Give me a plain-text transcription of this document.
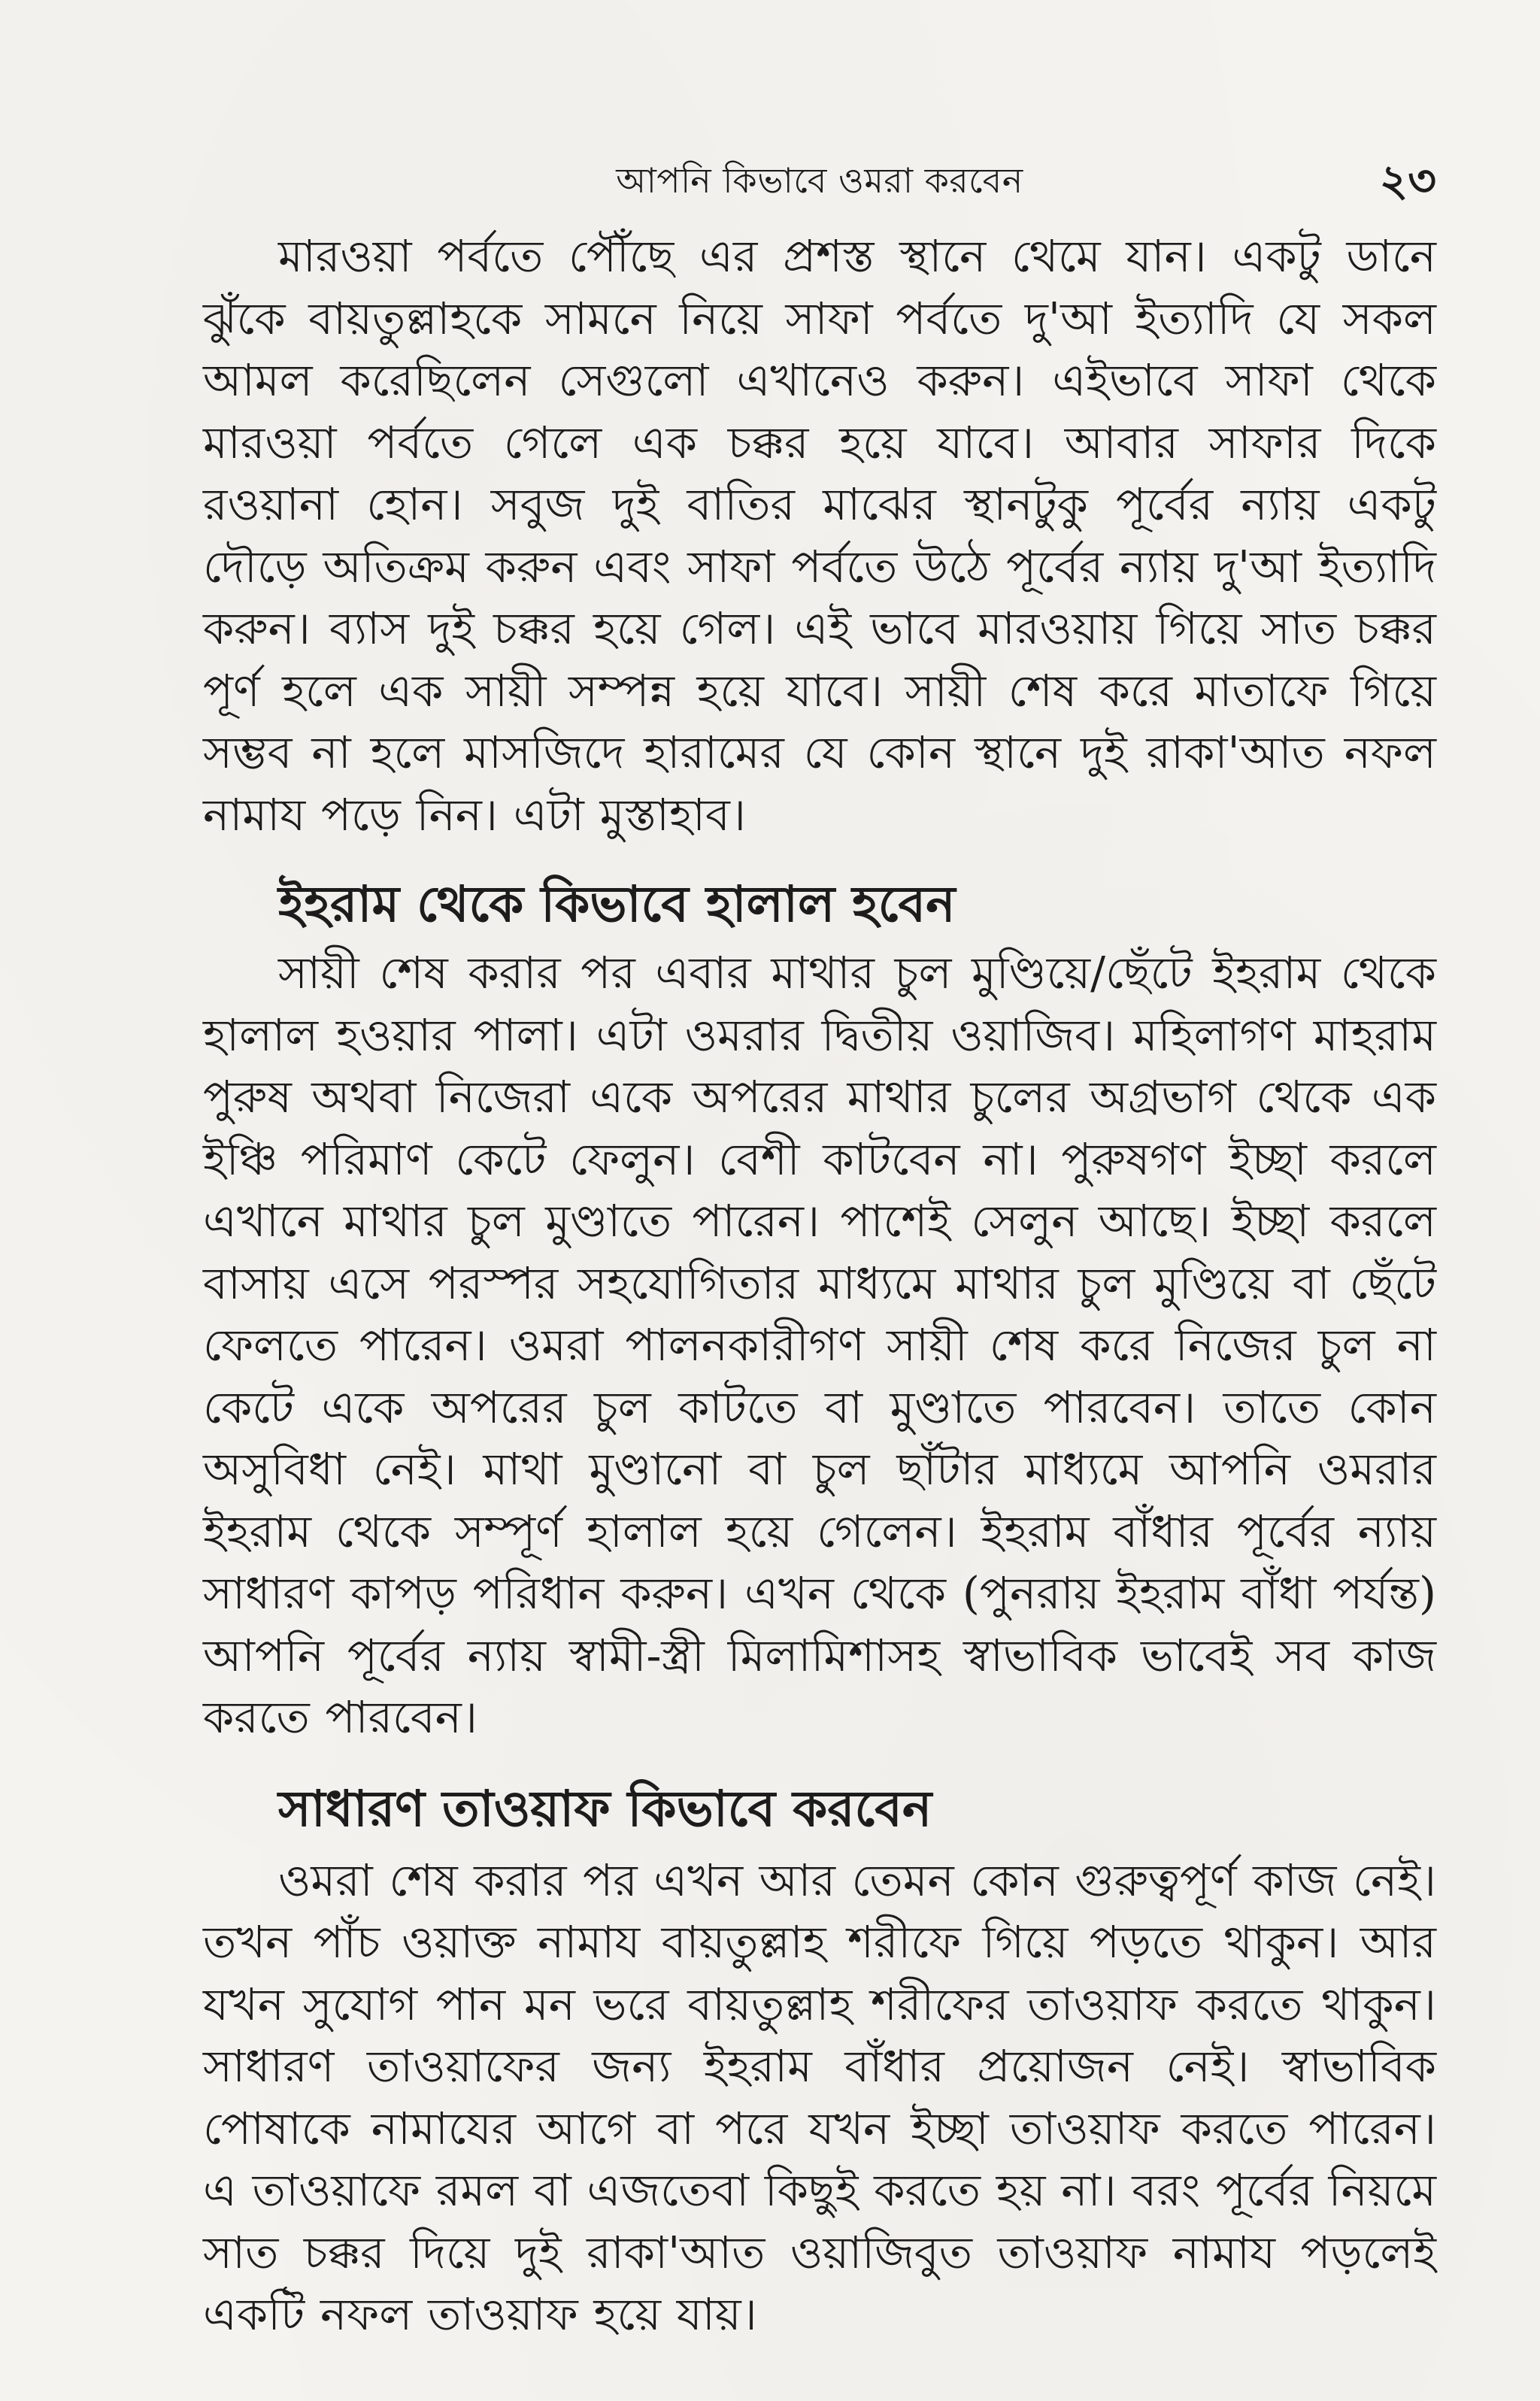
আপনি কিভাবে ওমরা করবেন	২৩

মারওয়া পর্বতে পৌঁছে এর প্রশস্ত স্থানে থেমে যান। একটু ডানে ঝুঁকে বায়তুল্লাহকে সামনে নিয়ে সাফা পর্বতে দু'আ ইত্যাদি যে সকল আমল করেছিলেন সেগুলো এখানেও করুন। এইভাবে সাফা থেকে মারওয়া পর্বতে গেলে এক চক্কর হয়ে যাবে। আবার সাফার দিকে রওয়ানা হোন। সবুজ দুই বাতির মাঝের স্থানটুকু পূর্বের ন্যায় একটু দৌড়ে অতিক্রম করুন এবং সাফা পর্বতে উঠে পূর্বের ন্যায় দু'আ ইত্যাদি করুন। ব্যাস দুই চক্কর হয়ে গেল। এই ভাবে মারওয়ায় গিয়ে সাত চক্কর পূর্ণ হলে এক সায়ী সম্পন্ন হয়ে যাবে। সায়ী শেষ করে মাতাফে গিয়ে সম্ভব না হলে মাসজিদে হারামের যে কোন স্থানে দুই রাকা'আত নফল নামায পড়ে নিন। এটা মুস্তাহাব।

ইহরাম থেকে কিভাবে হালাল হবেন

সায়ী শেষ করার পর এবার মাথার চুল মুণ্ডিয়ে/ছেঁটে ইহরাম থেকে হালাল হওয়ার পালা। এটা ওমরার দ্বিতীয় ওয়াজিব। মহিলাগণ মাহরাম পুরুষ অথবা নিজেরা একে অপরের মাথার চুলের অগ্রভাগ থেকে এক ইঞ্চি পরিমাণ কেটে ফেলুন। বেশী কাটবেন না। পুরুষগণ ইচ্ছা করলে এখানে মাথার চুল মুণ্ডাতে পারেন। পাশেই সেলুন আছে। ইচ্ছা করলে বাসায় এসে পরস্পর সহযোগিতার মাধ্যমে মাথার চুল মুণ্ডিয়ে বা ছেঁটে ফেলতে পারেন। ওমরা পালনকারীগণ সায়ী শেষ করে নিজের চুল না কেটে একে অপরের চুল কাটতে বা মুণ্ডাতে পারবেন। তাতে কোন অসুবিধা নেই। মাথা মুণ্ডানো বা চুল ছাঁটার মাধ্যমে আপনি ওমরার ইহরাম থেকে সম্পূর্ণ হালাল হয়ে গেলেন। ইহরাম বাঁধার পূর্বের ন্যায় সাধারণ কাপড় পরিধান করুন। এখন থেকে (পুনরায় ইহরাম বাঁধা পর্যন্ত) আপনি পূর্বের ন্যায় স্বামী-স্ত্রী মিলামিশাসহ স্বাভাবিক ভাবেই সব কাজ করতে পারবেন।

সাধারণ তাওয়াফ কিভাবে করবেন

ওমরা শেষ করার পর এখন আর তেমন কোন গুরুত্বপূর্ণ কাজ নেই। তখন পাঁচ ওয়াক্ত নামায বায়তুল্লাহ শরীফে গিয়ে পড়তে থাকুন। আর যখন সুযোগ পান মন ভরে বায়তুল্লাহ শরীফের তাওয়াফ করতে থাকুন। সাধারণ তাওয়াফের জন্য ইহরাম বাঁধার প্রয়োজন নেই। স্বাভাবিক পোষাকে নামাযের আগে বা পরে যখন ইচ্ছা তাওয়াফ করতে পারেন। এ তাওয়াফে রমল বা এজতেবা কিছুই করতে হয় না। বরং পূর্বের নিয়মে সাত চক্কর দিয়ে দুই রাকা'আত ওয়াজিবুত তাওয়াফ নামায পড়লেই একটি নফল তাওয়াফ হয়ে যায়।
